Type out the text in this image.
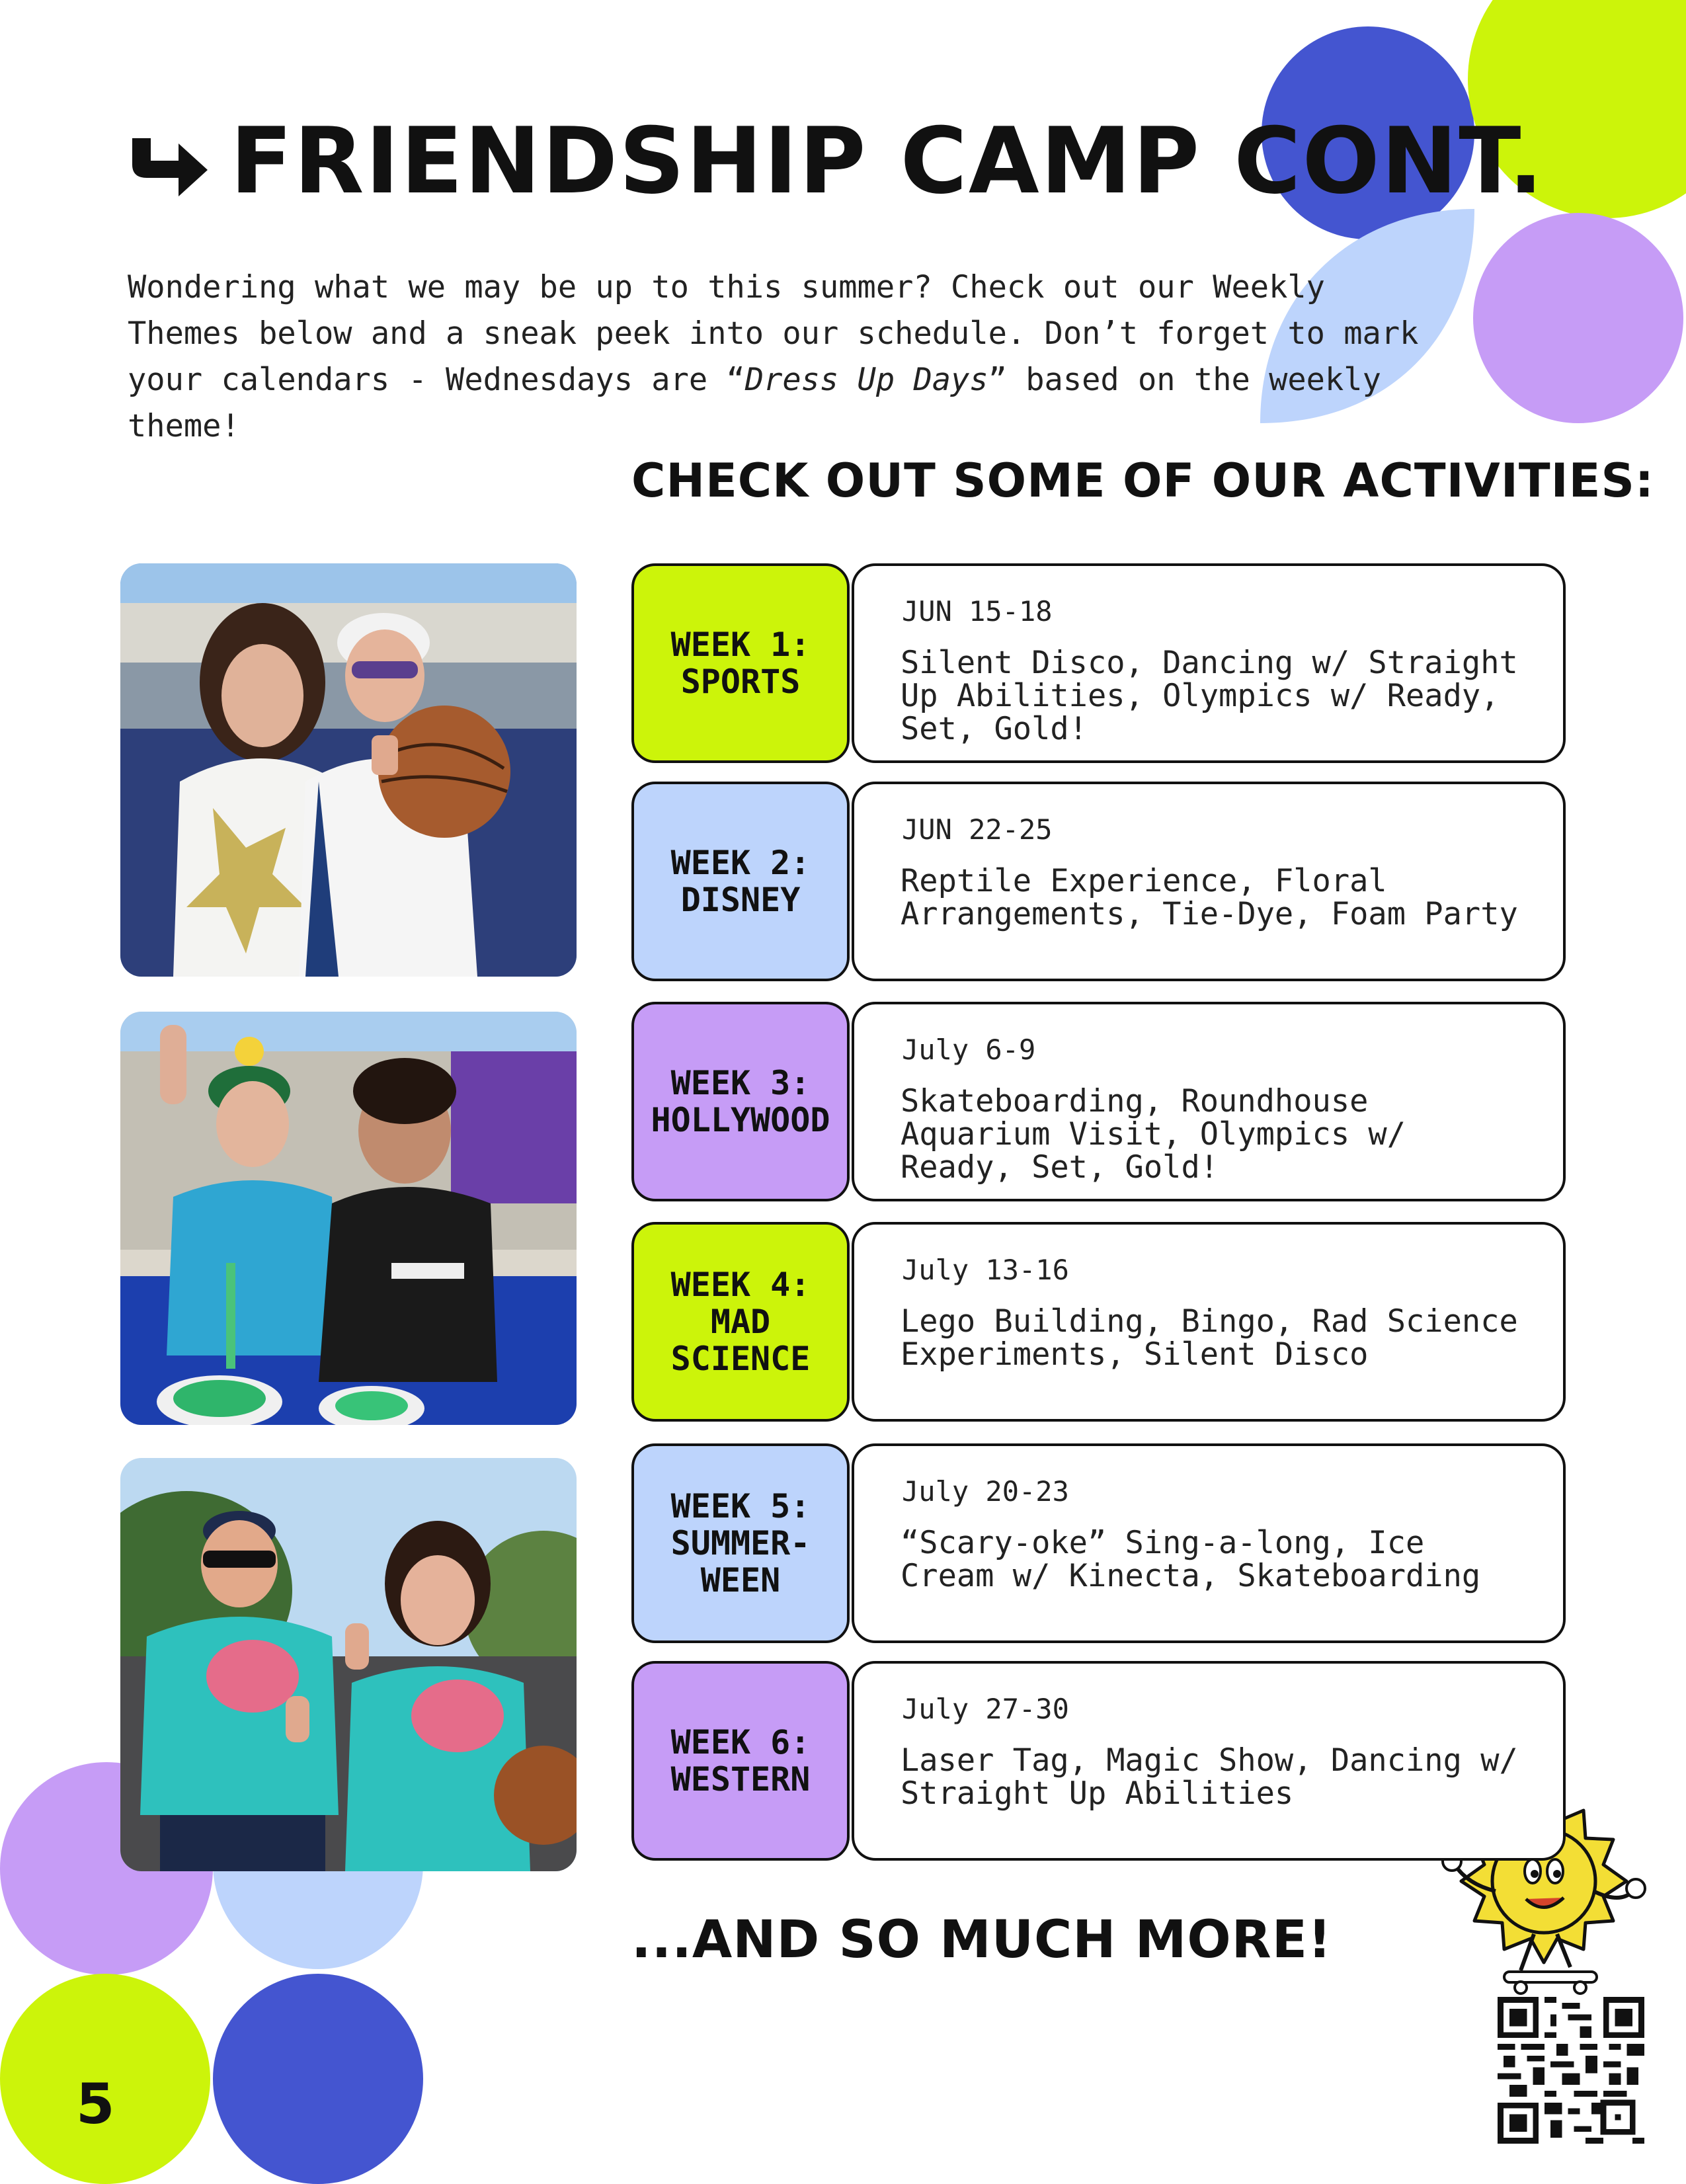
FRIENDSHIP CAMP CONT.
Wondering what we may be up to this summer? Check out our Weekly Themes below and a sneak peek into our schedule. Don’t forget to mark your calendars - Wednesdays are “Dress Up Days” based on the weekly theme!
CHECK OUT SOME OF OUR ACTIVITIES:
WEEK 1:
SPORTS
JUN 15-18
Silent Disco, Dancing w/ Straight Up Abilities, Olympics w/ Ready, Set, Gold!
WEEK 2:
DISNEY
JUN 22-25
Reptile Experience, Floral Arrangements, Tie-Dye, Foam Party
WEEK 3:
HOLLYWOOD
July 6-9
Skateboarding, Roundhouse Aquarium Visit, Olympics w/ Ready, Set, Gold!
WEEK 4:
MAD
SCIENCE
July 13-16
Lego Building, Bingo, Rad Science Experiments, Silent Disco
WEEK 5:
SUMMER-
WEEN
July 20-23
“Scary-oke” Sing-a-long, Ice Cream w/ Kinecta, Skateboarding
WEEK 6:
WESTERN
July 27-30
Laser Tag, Magic Show, Dancing w/ Straight Up Abilities
...AND SO MUCH MORE!
5
